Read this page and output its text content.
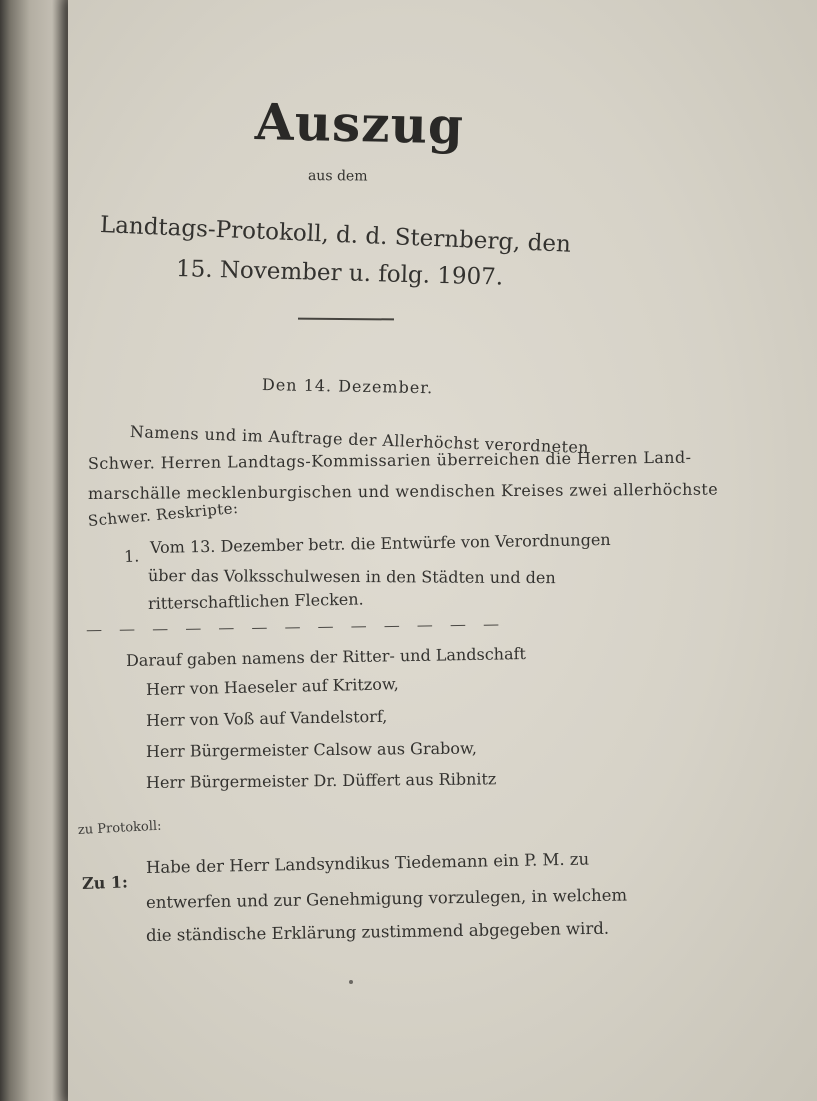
Auszug

aus dem

Landtags-Protokoll, d. d. Sternberg, den

15. November u. folg. 1907.

Den 14. Dezember.

Namens und im Auftrage der Allerhöchst verordneten

Schwer. Herren Landtags-Kommissarien überreichen die Herren Land-

marschälle mecklenburgischen und wendischen Kreises zwei allerhöchste

Schwer. Reskripte:

1. Vom 13. Dezember betr. die Entwürfe von Verordnungen

über das Volksschulwesen in den Städten und den

ritterschaftlichen Flecken.

— — — — — — — — — — — — —

Darauf gaben namens der Ritter- und Landschaft

Herr von Haeseler auf Kritzow,

Herr von Voß auf Vandelstorf,

Herr Bürgermeister Calsow aus Grabow,

Herr Bürgermeister Dr. Düffert aus Ribnitz

zu Protokoll:

Zu 1:

Habe der Herr Landsyndikus Tiedemann ein P. M. zu

entwerfen und zur Genehmigung vorzulegen, in welchem

die ständische Erklärung zustimmend abgegeben wird.
